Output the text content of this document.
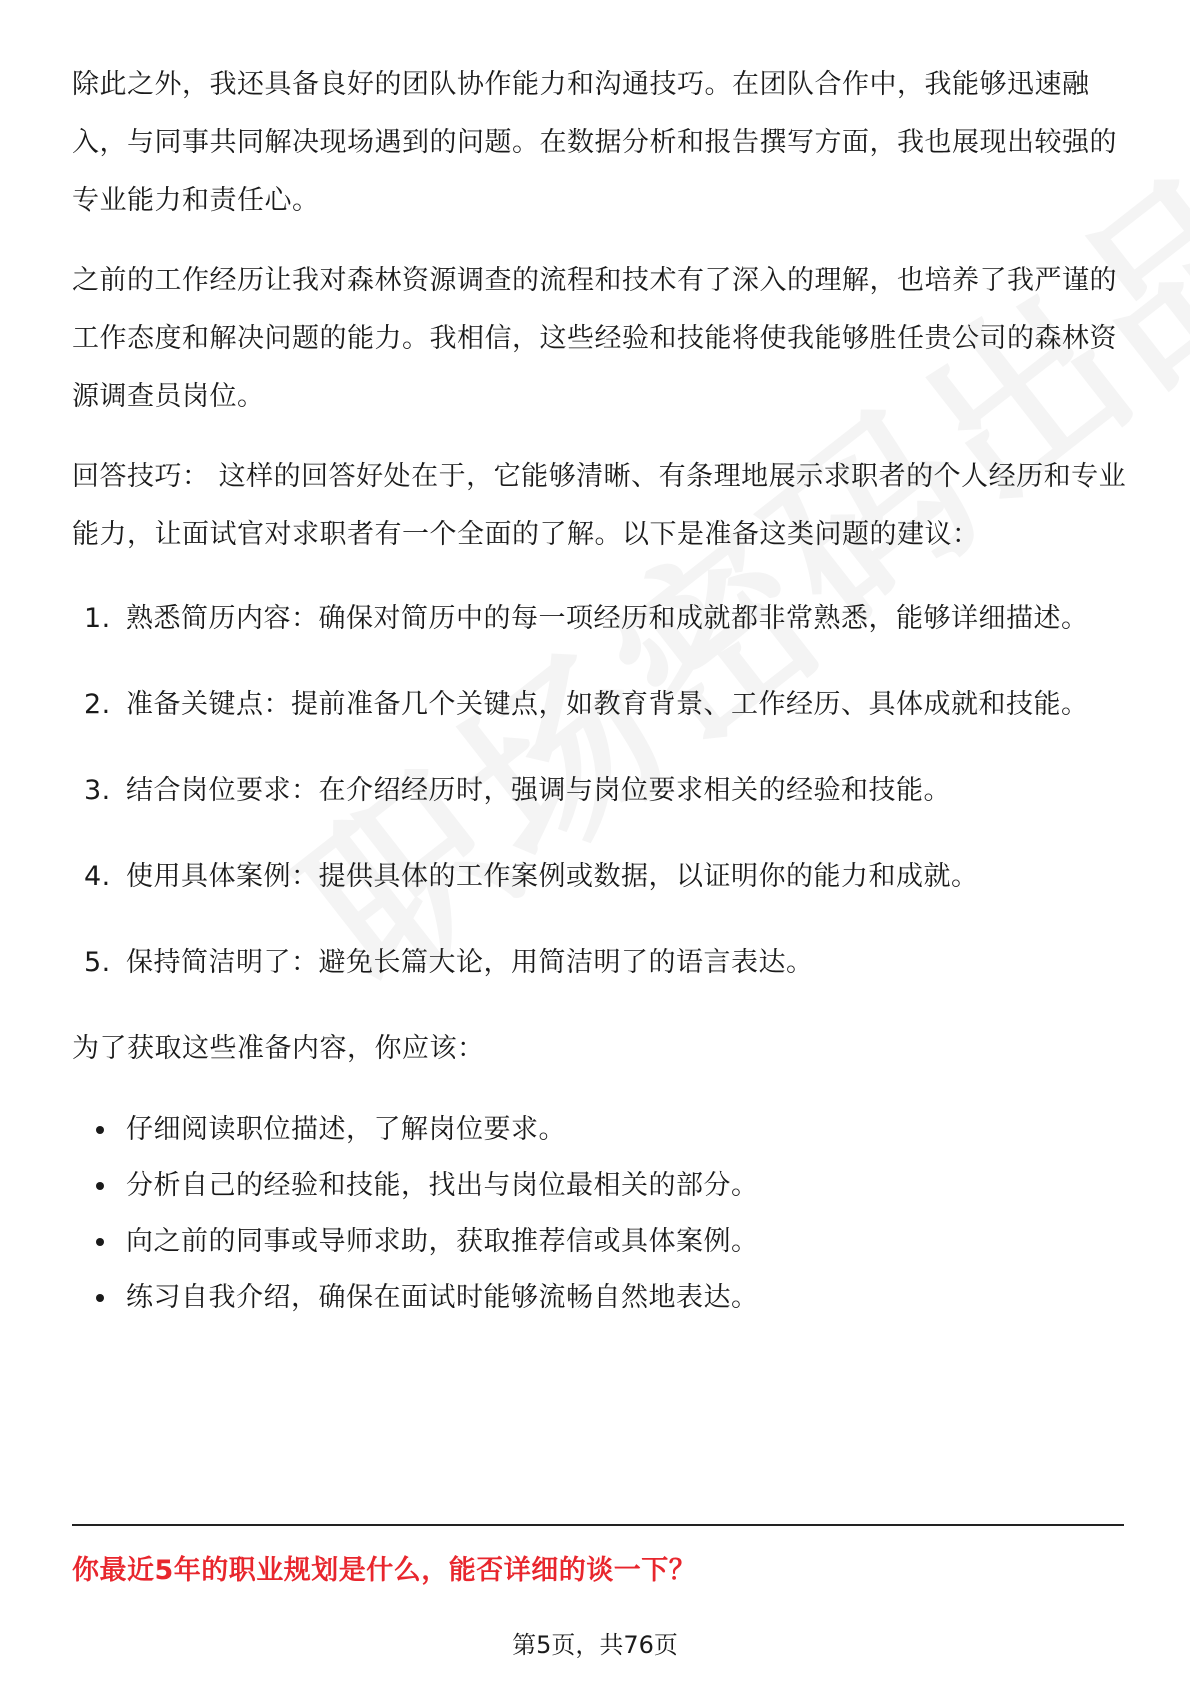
除此之外，我还具备良好的团队协作能力和沟通技巧。在团队合作中，我能够迅速融入，与同事共同解决现场遇到的问题。在数据分析和报告撰写方面，我也展现出较强的专业能力和责任心。

之前的工作经历让我对森林资源调查的流程和技术有了深入的理解，也培养了我严谨的工作态度和解决问题的能力。我相信，这些经验和技能将使我能够胜任贵公司的森林资源调查员岗位。

回答技巧： 这样的回答好处在于，它能够清晰、有条理地展示求职者的个人经历和专业能力，让面试官对求职者有一个全面的了解。以下是准备这类问题的建议：

1. 熟悉简历内容：确保对简历中的每一项经历和成就都非常熟悉，能够详细描述。
2. 准备关键点：提前准备几个关键点，如教育背景、工作经历、具体成就和技能。
3. 结合岗位要求：在介绍经历时，强调与岗位要求相关的经验和技能。
4. 使用具体案例：提供具体的工作案例或数据，以证明你的能力和成就。
5. 保持简洁明了：避免长篇大论，用简洁明了的语言表达。

为了获取这些准备内容，你应该：

仔细阅读职位描述，了解岗位要求。
分析自己的经验和技能，找出与岗位最相关的部分。
向之前的同事或导师求助，获取推荐信或具体案例。
练习自我介绍，确保在面试时能够流畅自然地表达。
你最近5年的职业规划是什么，能否详细的谈一下？
第5页，共76页
